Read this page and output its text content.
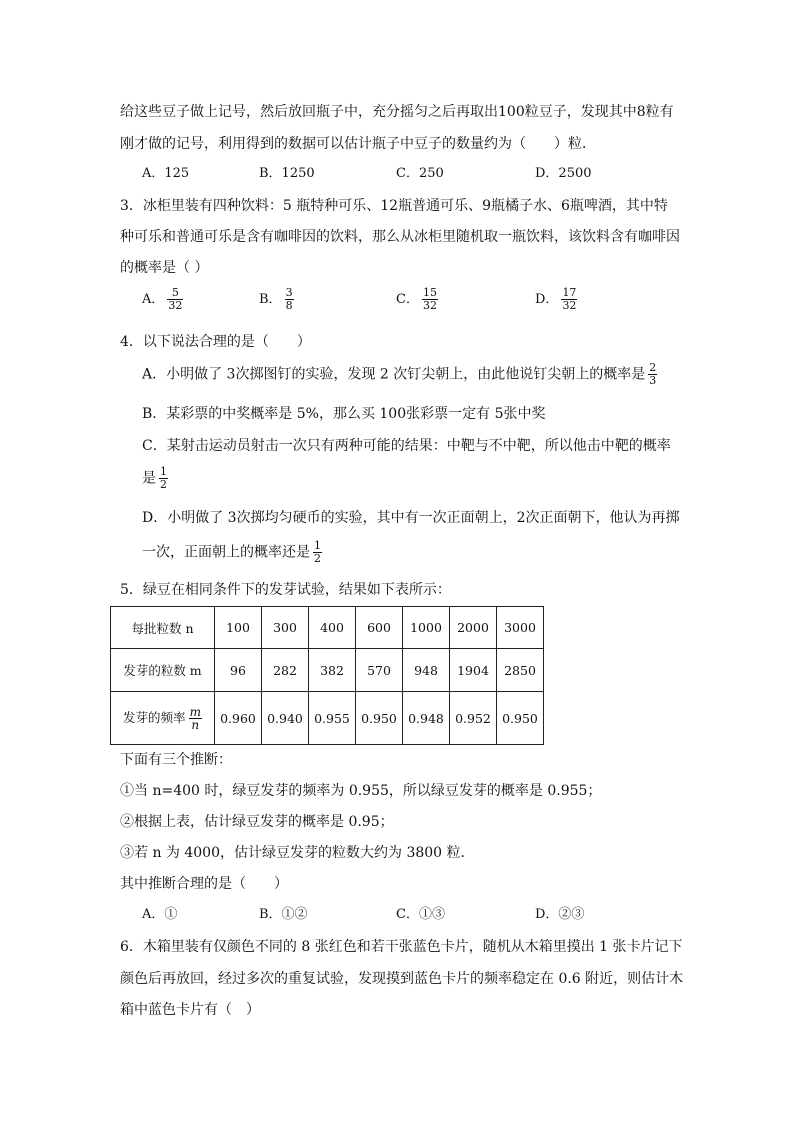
给这些豆子做上记号，然后放回瓶子中，充分摇匀之后再取出100粒豆子，发现其中8粒有
刚才做的记号，利用得到的数据可以估计瓶子中豆子的数量约为（　　）粒．
A．125	B．1250	C．250	D．2500
3．冰柜里装有四种饮料：5 瓶特种可乐、12瓶普通可乐、9瓶橘子水、6瓶啤酒，其中特
种可乐和普通可乐是含有咖啡因的饮料，那么从冰柜里随机取一瓶饮料，该饮料含有咖啡因
的概率是（ ）
A． $\frac{5}{32}$	B． $\frac{3}{8}$	C． $\frac{15}{32}$	D． $\frac{17}{32}$
4．以下说法合理的是（　　）
A．小明做了 3次掷图钉的实验，发现 2 次钉尖朝上，由此他说钉尖朝上的概率是 $\frac{2}{3}$
B．某彩票的中奖概率是 5%，那么买 100张彩票一定有 5张中奖
C．某射击运动员射击一次只有两种可能的结果：中靶与不中靶，所以他击中靶的概率
是 $\frac{1}{2}$
D．小明做了 3次掷均匀硬币的实验，其中有一次正面朝上，2次正面朝下，他认为再掷
一次，正面朝上的概率还是 $\frac{1}{2}$
5．绿豆在相同条件下的发芽试验，结果如下表所示：
每批粒数 n	100	300	400	600	1000	2000	3000
发芽的粒数 m	96	282	382	570	948	1904	2850
发芽的频率 $\frac{m}{n}$	0.960	0.940	0.955	0.950	0.948	0.952	0.950
下面有三个推断：
①当 n=400 时，绿豆发芽的频率为 0.955，所以绿豆发芽的概率是 0.955；
②根据上表，估计绿豆发芽的概率是 0.95；
③若 n 为 4000，估计绿豆发芽的粒数大约为 3800 粒．
其中推断合理的是（　　）
A．①	B．①②	C．①③	D．②③
6．木箱里装有仅颜色不同的 8 张红色和若干张蓝色卡片，随机从木箱里摸出 1 张卡片记下
颜色后再放回，经过多次的重复试验，发现摸到蓝色卡片的频率稳定在 0.6 附近，则估计木
箱中蓝色卡片有（　）
